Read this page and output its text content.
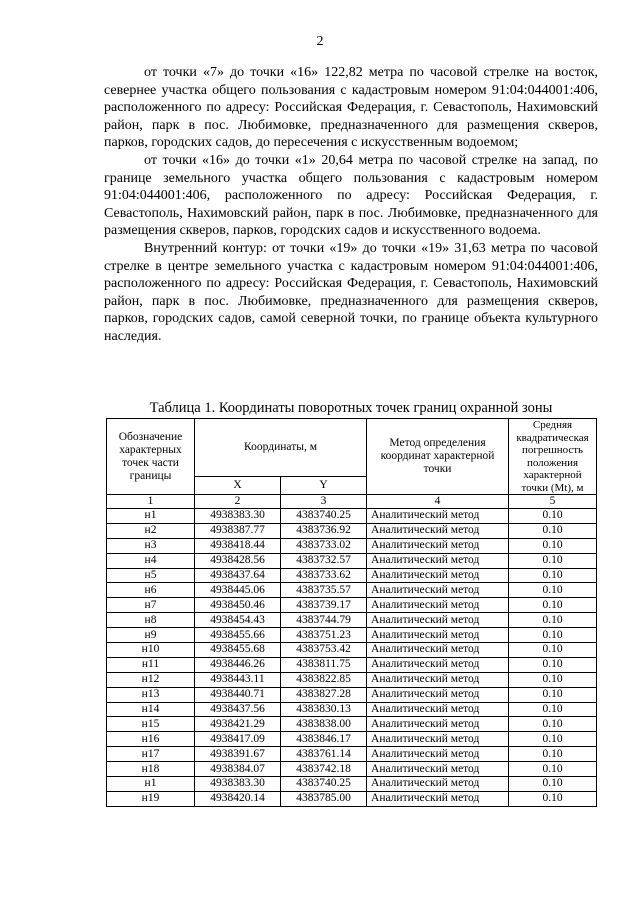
2

от точки «7» до точки «16» 122,82 метра по часовой стрелке на восток, севернее участка общего пользования с кадастровым номером 91:04:044001:406, расположенного по адресу: Российская Федерация, г. Севастополь, Нахимовский район, парк в пос. Любимовке, предназначенного для размещения скверов, парков, городских садов, до пересечения с искусственным водоемом;

от точки «16» до точки «1» 20,64 метра по часовой стрелке на запад, по границе земельного участка общего пользования с кадастровым номером 91:04:044001:406, расположенного по адресу: Российская Федерация, г. Севастополь, Нахимовский район, парк в пос. Любимовке, предназначенного для размещения скверов, парков, городских садов и искусственного водоема.

Внутренний контур: от точки «19» до точки «19» 31,63 метра по часовой стрелке в центре земельного участка с кадастровым номером 91:04:044001:406, расположенного по адресу: Российская Федерация, г. Севастополь, Нахимовский район, парк в пос. Любимовке, предназначенного для размещения скверов, парков, городских садов, самой северной точки, по границе объекта культурного наследия.

Таблица 1. Координаты поворотных точек границ охранной зоны
Обозначение характерных точек части границы	Координаты, м		Метод определения координат характерной точки	Средняя квадратическая погрешность положения характерной точки (Mt), м
	X	Y		
1	2	3	4	5
н1	4938383.30	4383740.25	Аналитический метод	0.10
н2	4938387.77	4383736.92	Аналитический метод	0.10
н3	4938418.44	4383733.02	Аналитический метод	0.10
н4	4938428.56	4383732.57	Аналитический метод	0.10
н5	4938437.64	4383733.62	Аналитический метод	0.10
н6	4938445.06	4383735.57	Аналитический метод	0.10
н7	4938450.46	4383739.17	Аналитический метод	0.10
н8	4938454.43	4383744.79	Аналитический метод	0.10
н9	4938455.66	4383751.23	Аналитический метод	0.10
н10	4938455.68	4383753.42	Аналитический метод	0.10
н11	4938446.26	4383811.75	Аналитический метод	0.10
н12	4938443.11	4383822.85	Аналитический метод	0.10
н13	4938440.71	4383827.28	Аналитический метод	0.10
н14	4938437.56	4383830.13	Аналитический метод	0.10
н15	4938421.29	4383838.00	Аналитический метод	0.10
н16	4938417.09	4383846.17	Аналитический метод	0.10
н17	4938391.67	4383761.14	Аналитический метод	0.10
н18	4938384.07	4383742.18	Аналитический метод	0.10
н1	4938383.30	4383740.25	Аналитический метод	0.10
н19	4938420.14	4383785.00	Аналитический метод	0.10
